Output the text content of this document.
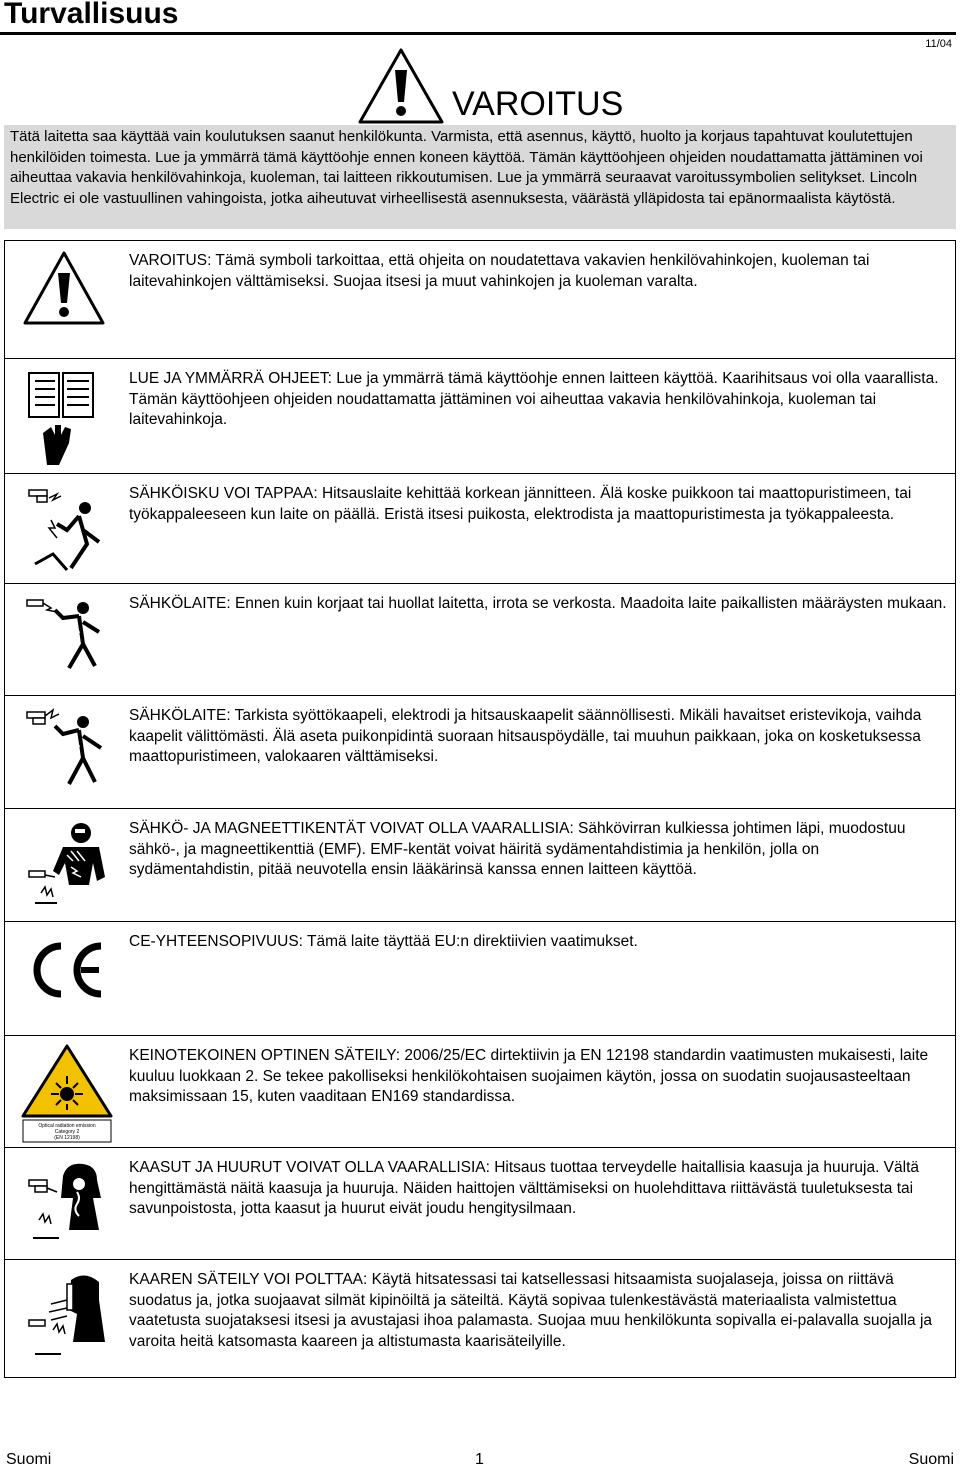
Turvallisuus
11/04
VAROITUS
Tätä laitetta saa käyttää vain koulutuksen saanut henkilökunta. Varmista, että asennus, käyttö, huolto ja korjaus tapahtuvat koulutettujen henkilöiden toimesta. Lue ja ymmärrä tämä käyttöohje ennen koneen käyttöä. Tämän käyttöohjeen ohjeiden noudattamatta jättäminen voi aiheuttaa vakavia henkilövahinkoja, kuoleman, tai laitteen rikkoutumisen. Lue ja ymmärrä seuraavat varoitussymbolien selitykset. Lincoln Electric ei ole vastuullinen vahingoista, jotka aiheutuvat virheellisestä asennuksesta, väärästä ylläpidosta tai epänormaalista käytöstä.
VAROITUS: Tämä symboli tarkoittaa, että ohjeita on noudatettava vakavien henkilövahinkojen, kuoleman tai laitevahinkojen välttämiseksi. Suojaa itsesi ja muut vahinkojen ja kuoleman varalta.
LUE JA YMMÄRRÄ OHJEET: Lue ja ymmärrä tämä käyttöohje ennen laitteen käyttöä. Kaarihitsaus voi olla vaarallista. Tämän käyttöohjeen ohjeiden noudattamatta jättäminen voi aiheuttaa vakavia henkilövahinkoja, kuoleman tai laitevahinkoja.
SÄHKÖISKU VOI TAPPAA: Hitsauslaite kehittää korkean jännitteen. Älä koske puikkoon tai maattopuristimeen, tai työkappaleeseen kun laite on päällä. Eristä itsesi puikosta, elektrodista ja maattopuristimesta ja työkappaleesta.
SÄHKÖLAITE: Ennen kuin korjaat tai huollat laitetta, irrota se verkosta. Maadoita laite paikallisten määräysten mukaan.
SÄHKÖLAITE: Tarkista syöttökaapeli, elektrodi ja hitsauskaapelit säännöllisesti. Mikäli havaitset eristevikoja, vaihda kaapelit välittömästi. Älä aseta puikonpidintä suoraan hitsauspöydälle, tai muuhun paikkaan, joka on kosketuksessa maattopuristimeen, valokaaren välttämiseksi.
SÄHKÖ- JA MAGNEETTIKENTÄT VOIVAT OLLA VAARALLISIA: Sähkövirran kulkiessa johtimen läpi, muodostuu sähkö-, ja magneettikenttiä (EMF). EMF-kentät voivat häiritä sydämentahdistimia ja henkilön, jolla on sydämentahdistin, pitää neuvotella ensin lääkärinsä kanssa ennen laitteen käyttöä.
CE-YHTEENSOPIVUUS: Tämä laite täyttää EU:n direktiivien vaatimukset.
Optical radiation emission
Category 2
(EN 12198)
KEINOTEKOINEN OPTINEN SÄTEILY: 2006/25/EC dirtektiivin ja EN 12198 standardin vaatimusten mukaisesti, laite kuuluu luokkaan 2. Se tekee pakolliseksi henkilökohtaisen suojaimen käytön, jossa on suodatin suojausasteeltaan maksimissaan 15, kuten vaaditaan EN169 standardissa.
KAASUT JA HUURUT VOIVAT OLLA VAARALLISIA: Hitsaus tuottaa terveydelle haitallisia kaasuja ja huuruja. Vältä hengittämästä näitä kaasuja ja huuruja. Näiden haittojen välttämiseksi on huolehdittava riittävästä tuuletuksesta tai savunpoistosta, jotta kaasut ja huurut eivät joudu hengitysilmaan.
KAAREN SÄTEILY VOI POLTTAA: Käytä hitsatessasi tai katsellessasi hitsaamista suojalaseja, joissa on riittävä suodatus ja, jotka suojaavat silmät kipinöiltä ja säteiltä. Käytä sopivaa tulenkestävästä materiaalista valmistettua vaatetusta suojataksesi itsesi ja avustajasi ihoa palamasta. Suojaa muu henkilökunta sopivalla ei-palavalla suojalla ja varoita heitä katsomasta kaareen ja altistumasta kaarisäteilyille.
Suomi	1	Suomi
